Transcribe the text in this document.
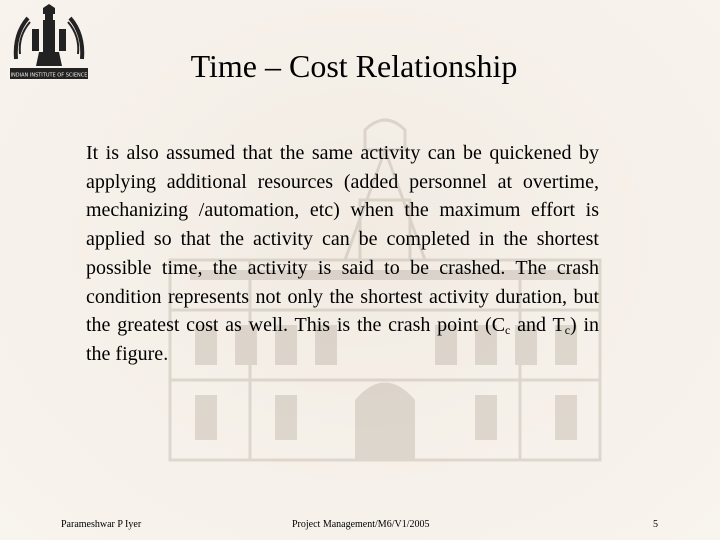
INDIAN INSTITUTE OF SCIENCE	Time – Cost Relationship
It is also assumed that the same activity can be quickened by applying additional resources (added personnel at overtime, mechanizing /automation, etc) when the maximum effort is applied so that the activity can be completed in the shortest possible time, the activity is said to be crashed. The crash condition represents not only the shortest activity duration, but the greatest cost as well. This is the crash point ($C_c$ and $T_c$) in the figure.
Parameshwar P Iyer	Project Management/M6/V1/2005	5
